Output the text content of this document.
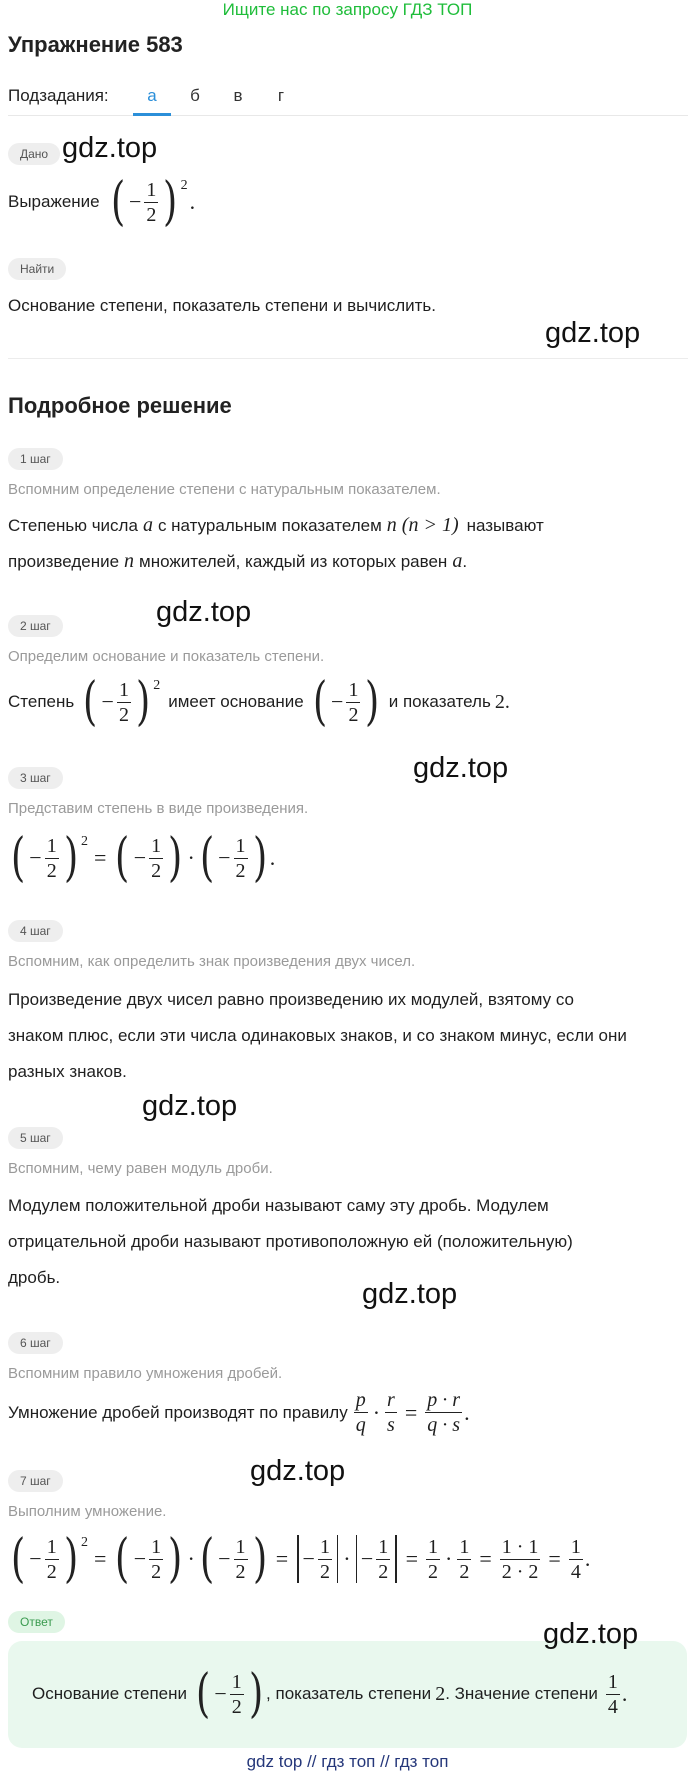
Ищите нас по запросу ГДЗ ТОП
Упражнение 583
Подзадания:	а	б	в	г
Дано gdz.top
Выражение ( − $\frac{1}{2}$ ) 2
.
Найти
Основание степени, показатель степени и вычислить.
gdz.top
Подробное решение
1 шаг
Вспомним определение степени с натуральным показателем.
Степенью числа a с натуральным показателем n (n > 1) называют
произведение n множителей, каждый из которых равен a .
2 шаг	gdz.top
Определим основание и показатель степени.
Степень ( − $\frac{1}{2}$ ) 2
имеет основание ( − $\frac{1}{2}$ ) и показатель 2 .
gdz.top
3 шаг
Представим степень в виде произведения.
( − $\frac{1}{2}$ ) 2
= ( − $\frac{1}{2}$ ) · ( − $\frac{1}{2}$ ) .
4 шаг
Вспомним, как определить знак произведения двух чисел.
Произведение двух чисел равно произведению их модулей, взятому со
знаком плюс, если эти числа одинаковых знаков, и со знаком минус, если они
разных знаков.
gdz.top
5 шаг
Вспомним, чему равен модуль дроби.
Модулем положительной дроби называют саму эту дробь. Модулем
отрицательной дроби называют противоположную ей (положительную)
дробь.
gdz.top
6 шаг
Вспомним правило умножения дробей.
Умножение дробей производят по правилу $\frac{p}{q} \cdot \frac{r}{s} = \frac{p \cdot r}{q \cdot s}$ .
gdz.top
7 шаг
Выполним умножение.
( − $\frac{1}{2}$ ) 2
= ( − $\frac{1}{2}$ ) · ( − $\frac{1}{2}$ ) = − $\frac{1}{2}$ · − $\frac{1}{2} = \frac{1}{2} \cdot \frac{1}{2} = \frac{1 \cdot 1}{2 \cdot 2} = \frac{1}{4}$ .
Ответ	gdz.top
Основание степени ( − $\frac{1}{2}$ ) , показатель степени 2 . Значение степени $\frac{1}{4}$ .
gdz top // гдз топ // гдз топ
